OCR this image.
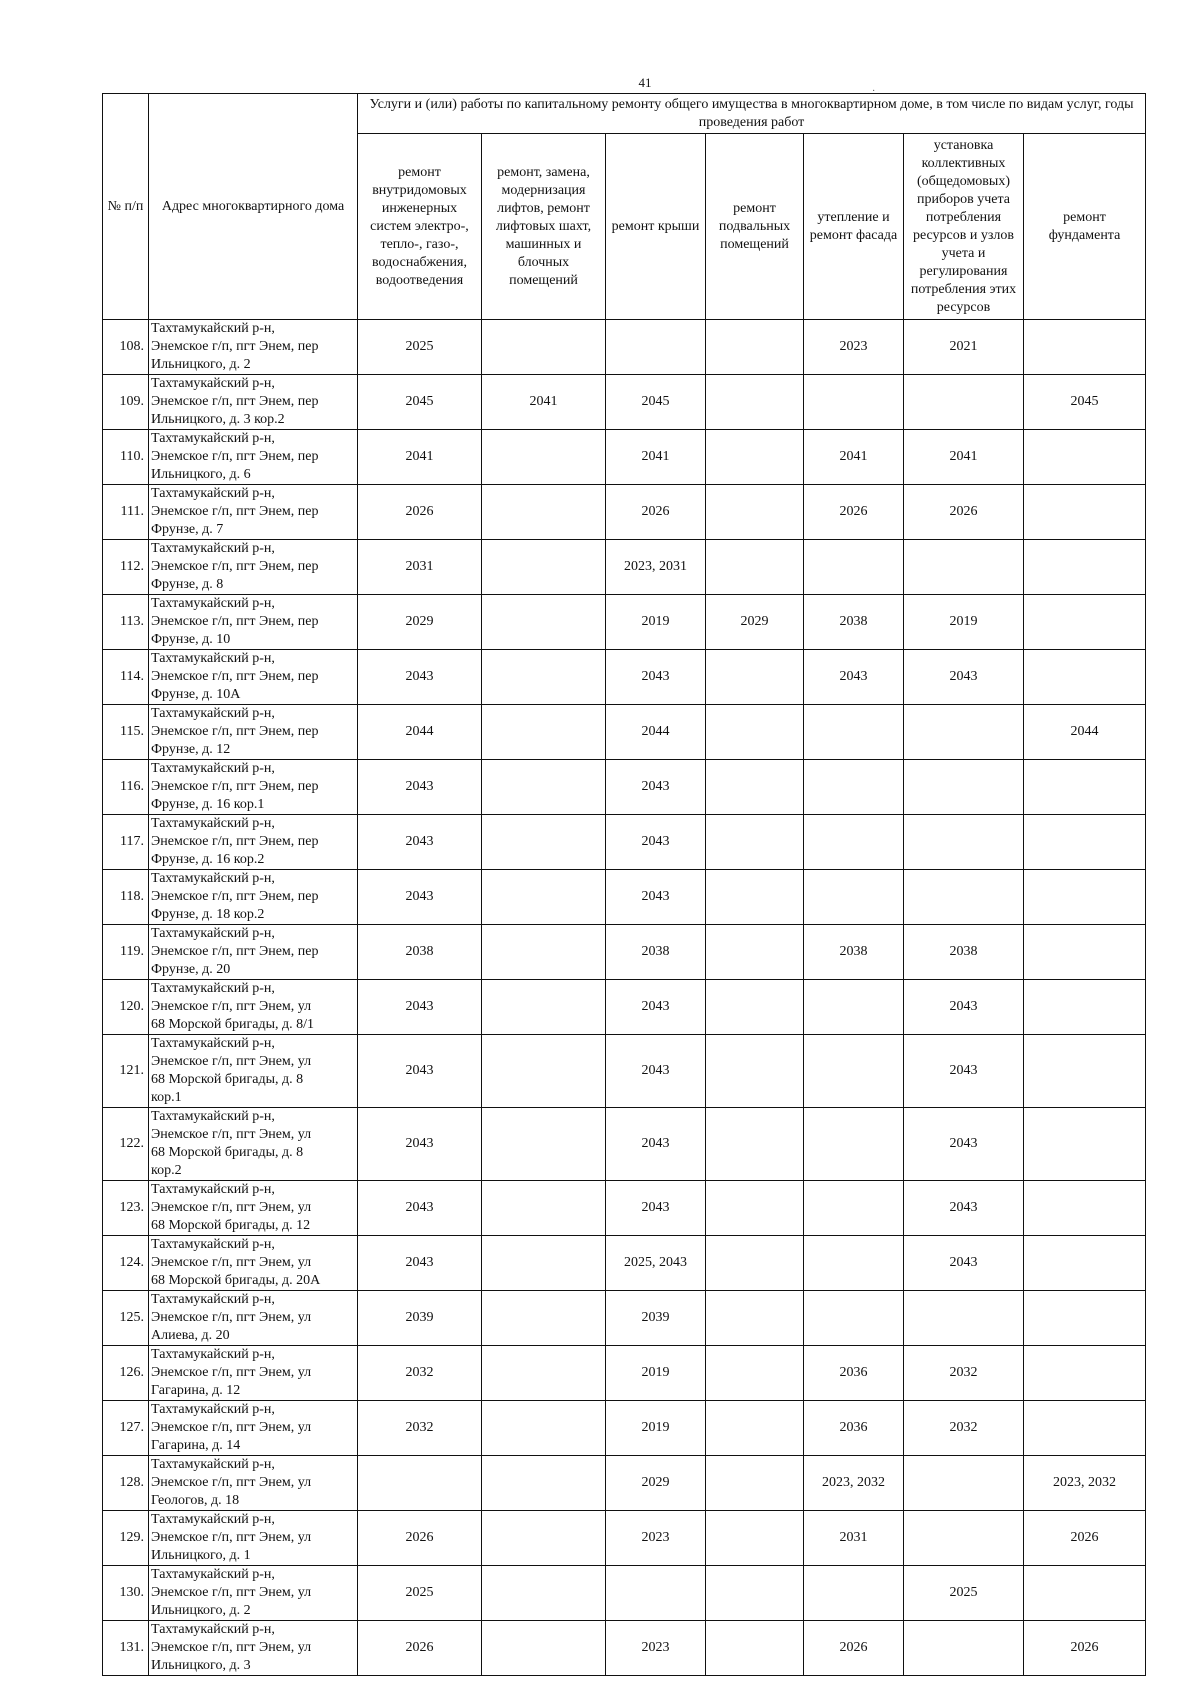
41
·
№ п/п	Адрес многоквартирного дома	Услуги и (или) работы по капитальному ремонту общего имущества в многоквартирном доме, в том числе по видам услуг, годы проведения работ						
		ремонт внутридомовых инженерных систем электро-, тепло-, газо-, водоснабжения, водоотведения	ремонт, замена, модернизация лифтов, ремонт лифтовых шахт, машинных и блочных помещений	ремонт крыши	ремонт подвальных помещений	утепление и ремонт фасада	установка коллективных (общедомовых) приборов учета потребления ресурсов и узлов учета и регулирования потребления этих ресурсов	ремонт фундамента
108.	Тахтамукайский р-н,
Энемское г/п, пгт Энем, пер
Ильницкого, д. 2	2025				2023	2021	
109.	Тахтамукайский р-н,
Энемское г/п, пгт Энем, пер
Ильницкого, д. 3 кор.2	2045	2041	2045				2045
110.	Тахтамукайский р-н,
Энемское г/п, пгт Энем, пер
Ильницкого, д. 6	2041		2041		2041	2041	
111.	Тахтамукайский р-н,
Энемское г/п, пгт Энем, пер
Фрунзе, д. 7	2026		2026		2026	2026	
112.	Тахтамукайский р-н,
Энемское г/п, пгт Энем, пер
Фрунзе, д. 8	2031		2023, 2031				
113.	Тахтамукайский р-н,
Энемское г/п, пгт Энем, пер
Фрунзе, д. 10	2029		2019	2029	2038	2019	
114.	Тахтамукайский р-н,
Энемское г/п, пгт Энем, пер
Фрунзе, д. 10А	2043		2043		2043	2043	
115.	Тахтамукайский р-н,
Энемское г/п, пгт Энем, пер
Фрунзе, д. 12	2044		2044				2044
116.	Тахтамукайский р-н,
Энемское г/п, пгт Энем, пер
Фрунзе, д. 16 кор.1	2043		2043				
117.	Тахтамукайский р-н,
Энемское г/п, пгт Энем, пер
Фрунзе, д. 16 кор.2	2043		2043				
118.	Тахтамукайский р-н,
Энемское г/п, пгт Энем, пер
Фрунзе, д. 18 кор.2	2043		2043				
119.	Тахтамукайский р-н,
Энемское г/п, пгт Энем, пер
Фрунзе, д. 20	2038		2038		2038	2038	
120.	Тахтамукайский р-н,
Энемское г/п, пгт Энем, ул
68 Морской бригады, д. 8/1	2043		2043			2043	
121.	Тахтамукайский р-н,
Энемское г/п, пгт Энем, ул
68 Морской бригады, д. 8
кор.1	2043		2043			2043	
122.	Тахтамукайский р-н,
Энемское г/п, пгт Энем, ул
68 Морской бригады, д. 8
кор.2	2043		2043			2043	
123.	Тахтамукайский р-н,
Энемское г/п, пгт Энем, ул
68 Морской бригады, д. 12	2043		2043			2043	
124.	Тахтамукайский р-н,
Энемское г/п, пгт Энем, ул
68 Морской бригады, д. 20А	2043		2025, 2043			2043	
125.	Тахтамукайский р-н,
Энемское г/п, пгт Энем, ул
Алиева, д. 20	2039		2039				
126.	Тахтамукайский р-н,
Энемское г/п, пгт Энем, ул
Гагарина, д. 12	2032		2019		2036	2032	
127.	Тахтамукайский р-н,
Энемское г/п, пгт Энем, ул
Гагарина, д. 14	2032		2019		2036	2032	
128.	Тахтамукайский р-н,
Энемское г/п, пгт Энем, ул
Геологов, д. 18			2029		2023, 2032		2023, 2032
129.	Тахтамукайский р-н,
Энемское г/п, пгт Энем, ул
Ильницкого, д. 1	2026		2023		2031		2026
130.	Тахтамукайский р-н,
Энемское г/п, пгт Энем, ул
Ильницкого, д. 2	2025					2025	
131.	Тахтамукайский р-н,
Энемское г/п, пгт Энем, ул
Ильницкого, д. 3	2026		2023		2026		2026
